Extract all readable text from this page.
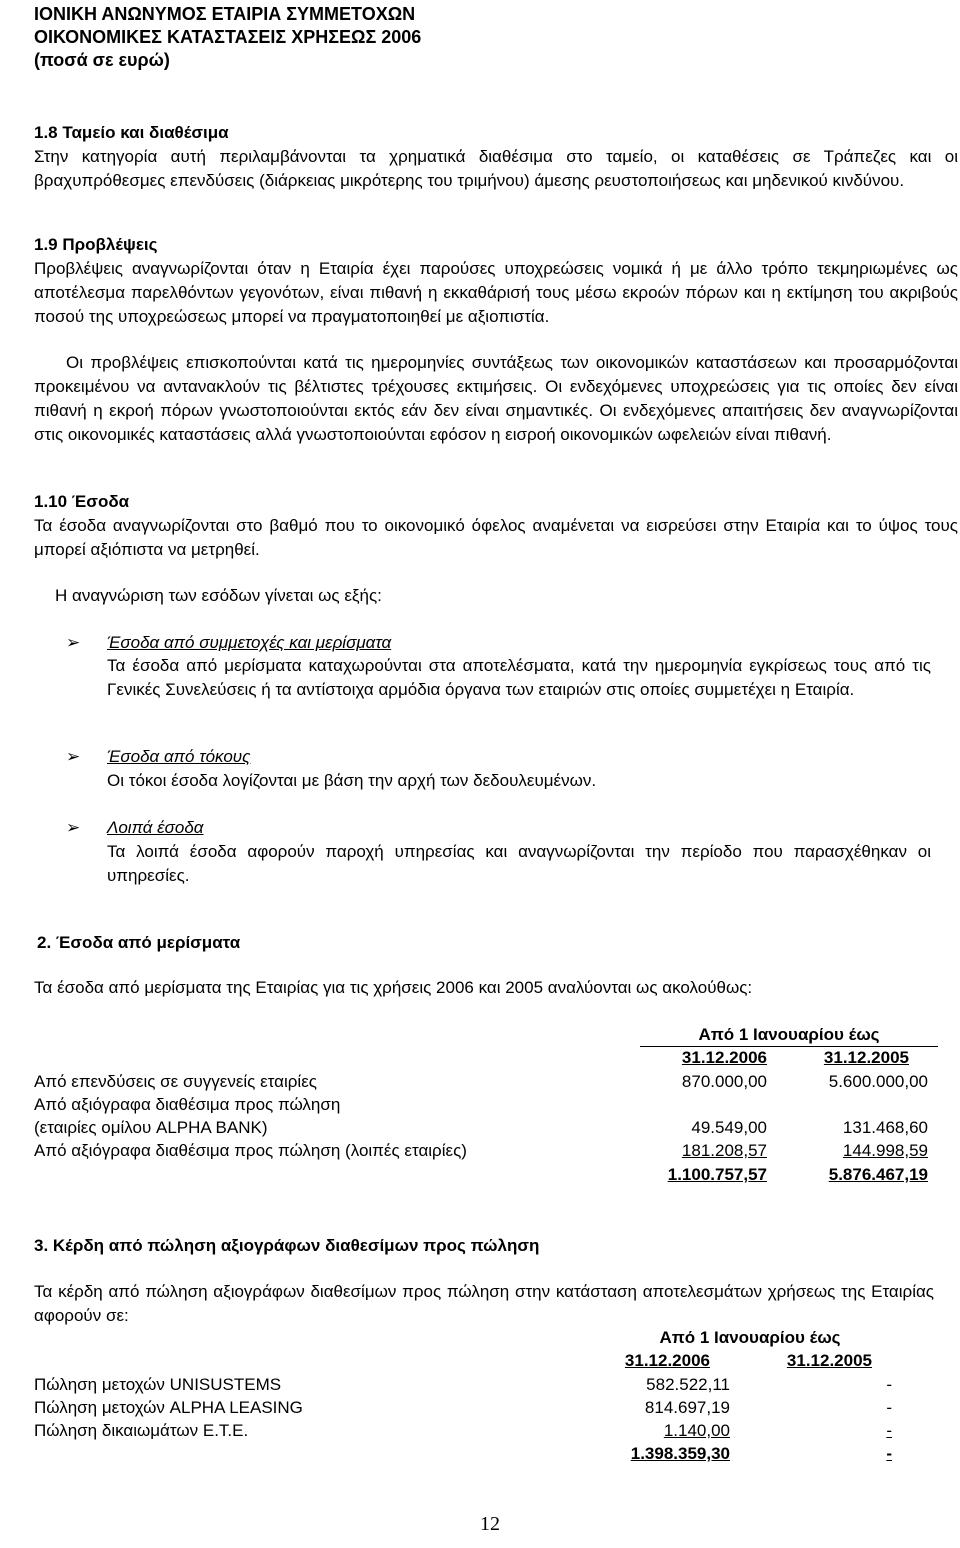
ΙΟΝΙΚΗ ΑΝΩΝΥΜΟΣ ΕΤΑΙΡΙΑ ΣΥΜΜΕΤΟΧΩΝ
ΟΙΚΟΝΟΜΙΚΕΣ ΚΑΤΑΣΤΑΣΕΙΣ ΧΡΗΣΕΩΣ 2006
(ποσά σε ευρώ)
1.8 Ταμείο και διαθέσιμα
Στην κατηγορία αυτή περιλαμβάνονται τα χρηματικά διαθέσιμα στο ταμείο, οι καταθέσεις σε Τράπεζες και οι βραχυπρόθεσμες επενδύσεις (διάρκειας μικρότερης του τριμήνου) άμεσης ρευστοποιήσεως και μηδενικού κινδύνου.
1.9 Προβλέψεις
Προβλέψεις αναγνωρίζονται όταν η Εταιρία έχει παρούσες υποχρεώσεις νομικά ή με άλλο τρόπο τεκμηριωμένες ως αποτέλεσμα παρελθόντων γεγονότων, είναι πιθανή η εκκαθάρισή τους μέσω εκροών πόρων και η εκτίμηση του ακριβούς ποσού της υποχρεώσεως μπορεί να πραγματοποιηθεί με αξιοπιστία.
Οι προβλέψεις επισκοπούνται κατά τις ημερομηνίες συντάξεως των οικονομικών καταστάσεων και προσαρμόζονται προκειμένου να αντανακλούν τις βέλτιστες τρέχουσες εκτιμήσεις. Οι ενδεχόμενες υποχρεώσεις για τις οποίες δεν είναι πιθανή η εκροή πόρων γνωστοποιούνται εκτός εάν δεν είναι σημαντικές. Οι ενδεχόμενες απαιτήσεις δεν αναγνωρίζονται στις οικονομικές καταστάσεις αλλά γνωστοποιούνται εφόσον η εισροή οικονομικών ωφελειών είναι πιθανή.
1.10 Έσοδα
Τα έσοδα αναγνωρίζονται στο βαθμό που το οικονομικό όφελος αναμένεται να εισρεύσει στην Εταιρία και το ύψος τους μπορεί αξιόπιστα να μετρηθεί.
Η αναγνώριση των εσόδων γίνεται ως εξής:
➢ Έσοδα από συμμετοχές και μερίσματα
Τα έσοδα από μερίσματα καταχωρούνται στα αποτελέσματα, κατά την ημερομηνία εγκρίσεως τους από τις Γενικές Συνελεύσεις ή τα αντίστοιχα αρμόδια όργανα των εταιριών στις οποίες συμμετέχει η Εταιρία.
➢ Έσοδα από τόκους
Οι τόκοι έσοδα λογίζονται με βάση την αρχή των δεδουλευμένων.
➢ Λοιπά έσοδα
Τα λοιπά έσοδα αφορούν παροχή υπηρεσίας και αναγνωρίζονται την περίοδο που παρασχέθηκαν οι υπηρεσίες.
2. Έσοδα από μερίσματα
Τα έσοδα από μερίσματα της Εταιρίας για τις χρήσεις 2006 και 2005 αναλύονται ως ακολούθως:
Από 1 Ιανουαρίου έως
31.12.2006	31.12.2005
Από επενδύσεις σε συγγενείς εταιρίες	870.000,00	5.600.000,00
Από αξιόγραφα διαθέσιμα προς πώληση
(εταιρίες ομίλου ALPHA BANK)	49.549,00	131.468,60
Από αξιόγραφα διαθέσιμα προς πώληση (λοιπές εταιρίες)	181.208,57	144.998,59
1.100.757,57	5.876.467,19
3. Κέρδη από πώληση αξιογράφων διαθεσίμων προς πώληση
Τα κέρδη από πώληση αξιογράφων διαθεσίμων προς πώληση στην κατάσταση αποτελεσμάτων χρήσεως της Εταιρίας αφορούν σε:
Από 1 Ιανουαρίου έως
31.12.2006	31.12.2005
Πώληση μετοχών UNISUSTEMS	582.522,11	-
Πώληση μετοχών ALPHA LEASING	814.697,19	-
Πώληση δικαιωμάτων Ε.Τ.Ε.	1.140,00	-
1.398.359,30	-
12
